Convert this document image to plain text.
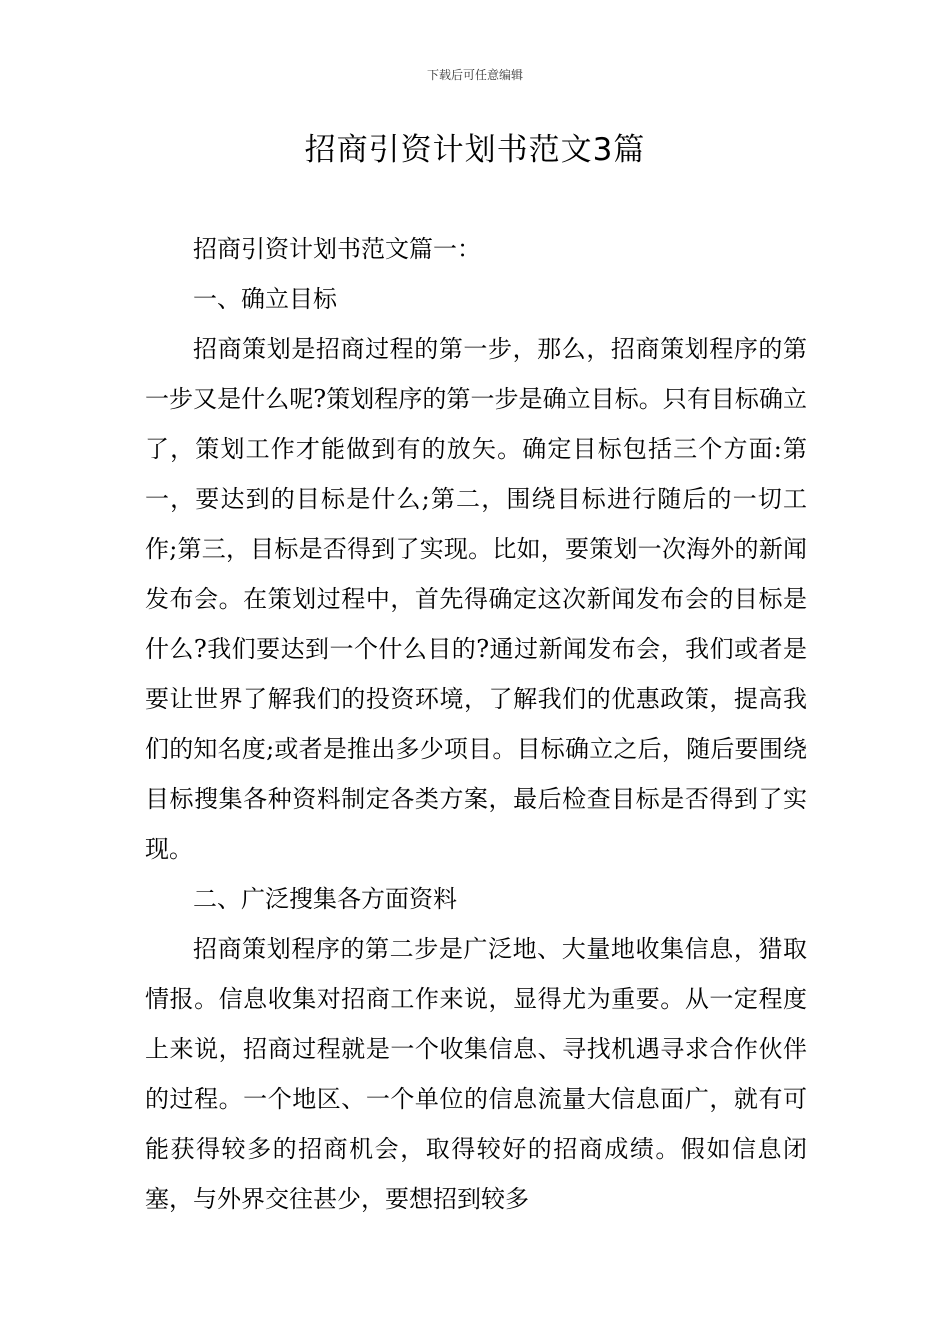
下载后可任意编辑
招商引资计划书范文3篇

招商引资计划书范文篇一：

一、确立目标

招商策划是招商过程的第一步，那么，招商策划程序的第一步又是什么呢?策划程序的第一步是确立目标。只有目标确立了，策划工作才能做到有的放矢。确定目标包括三个方面:第一，要达到的目标是什么;第二，围绕目标进行随后的一切工作;第三，目标是否得到了实现。比如，要策划一次海外的新闻发布会。在策划过程中，首先得确定这次新闻发布会的目标是什么?我们要达到一个什么目的?通过新闻发布会，我们或者是要让世界了解我们的投资环境，了解我们的优惠政策，提高我们的知名度;或者是推出多少项目。目标确立之后，随后要围绕目标搜集各种资料制定各类方案，最后检查目标是否得到了实现。

二、广泛搜集各方面资料

招商策划程序的第二步是广泛地、大量地收集信息，猎取情报。信息收集对招商工作来说，显得尤为重要。从一定程度上来说，招商过程就是一个收集信息、寻找机遇寻求合作伙伴的过程。一个地区、一个单位的信息流量大信息面广，就有可能获得较多的招商机会，取得较好的招商成绩。假如信息闭塞，与外界交往甚少，要想招到较多
